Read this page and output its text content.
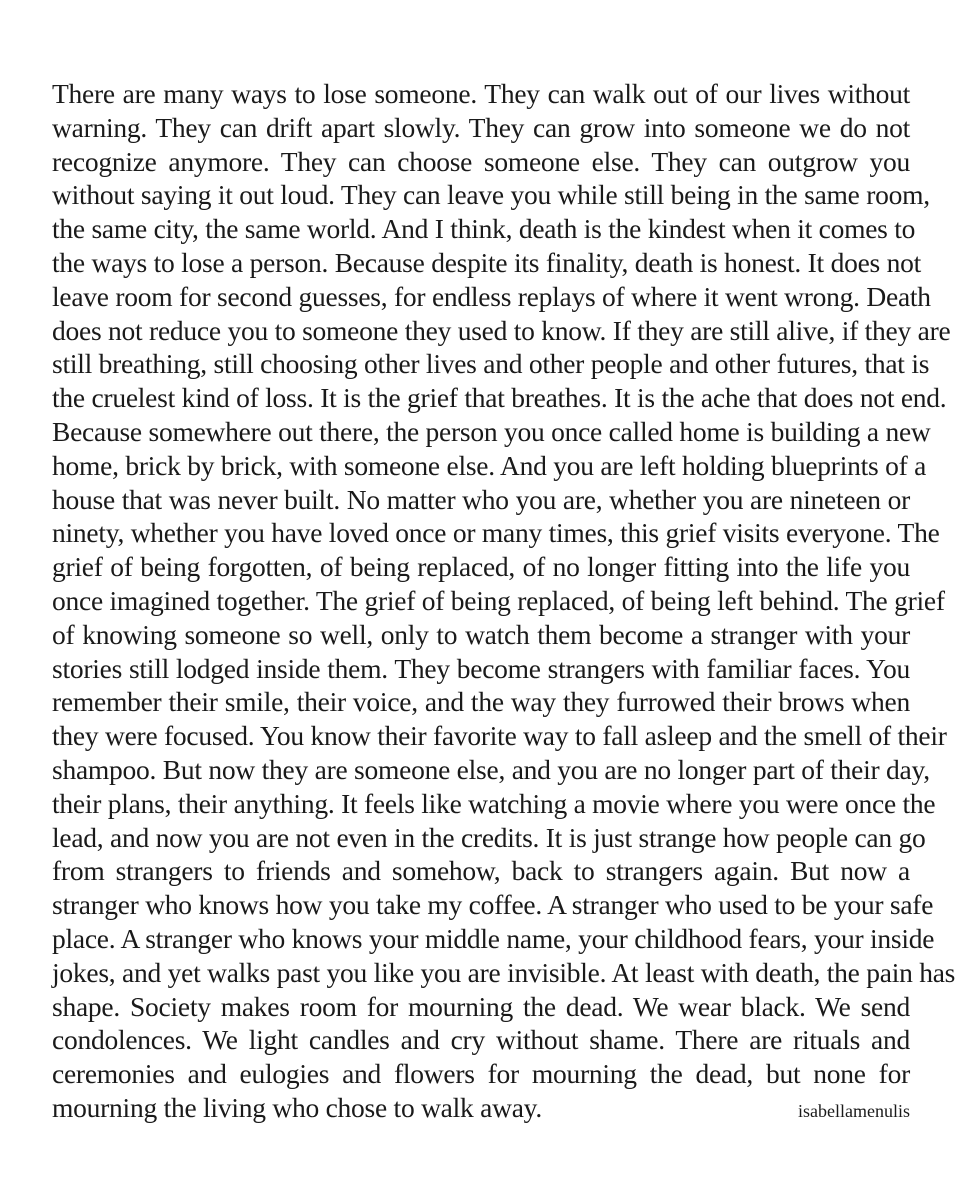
There are many ways to lose someone. They can walk out of our lives without
warning. They can drift apart slowly. They can grow into someone we do not
recognize anymore. They can choose someone else. They can outgrow you
without saying it out loud. They can leave you while still being in the same room,
the same city, the same world. And I think, death is the kindest when it comes to
the ways to lose a person. Because despite its finality, death is honest. It does not
leave room for second guesses, for endless replays of where it went wrong. Death
does not reduce you to someone they used to know. If they are still alive, if they are
still breathing, still choosing other lives and other people and other futures, that is
the cruelest kind of loss. It is the grief that breathes. It is the ache that does not end.
Because somewhere out there, the person you once called home is building a new
home, brick by brick, with someone else. And you are left holding blueprints of a
house that was never built. No matter who you are, whether you are nineteen or
ninety, whether you have loved once or many times, this grief visits everyone. The
grief of being forgotten, of being replaced, of no longer fitting into the life you
once imagined together. The grief of being replaced, of being left behind. The grief
of knowing someone so well, only to watch them become a stranger with your
stories still lodged inside them. They become strangers with familiar faces. You
remember their smile, their voice, and the way they furrowed their brows when
they were focused. You know their favorite way to fall asleep and the smell of their
shampoo. But now they are someone else, and you are no longer part of their day,
their plans, their anything. It feels like watching a movie where you were once the
lead, and now you are not even in the credits. It is just strange how people can go
from strangers to friends and somehow, back to strangers again. But now a
stranger who knows how you take my coffee. A stranger who used to be your safe
place. A stranger who knows your middle name, your childhood fears, your inside
jokes, and yet walks past you like you are invisible. At least with death, the pain has
shape. Society makes room for mourning the dead. We wear black. We send
condolences. We light candles and cry without shame. There are rituals and
ceremonies and eulogies and flowers for mourning the dead, but none for
mourning the living who chose to walk away.	isabellamenulis
